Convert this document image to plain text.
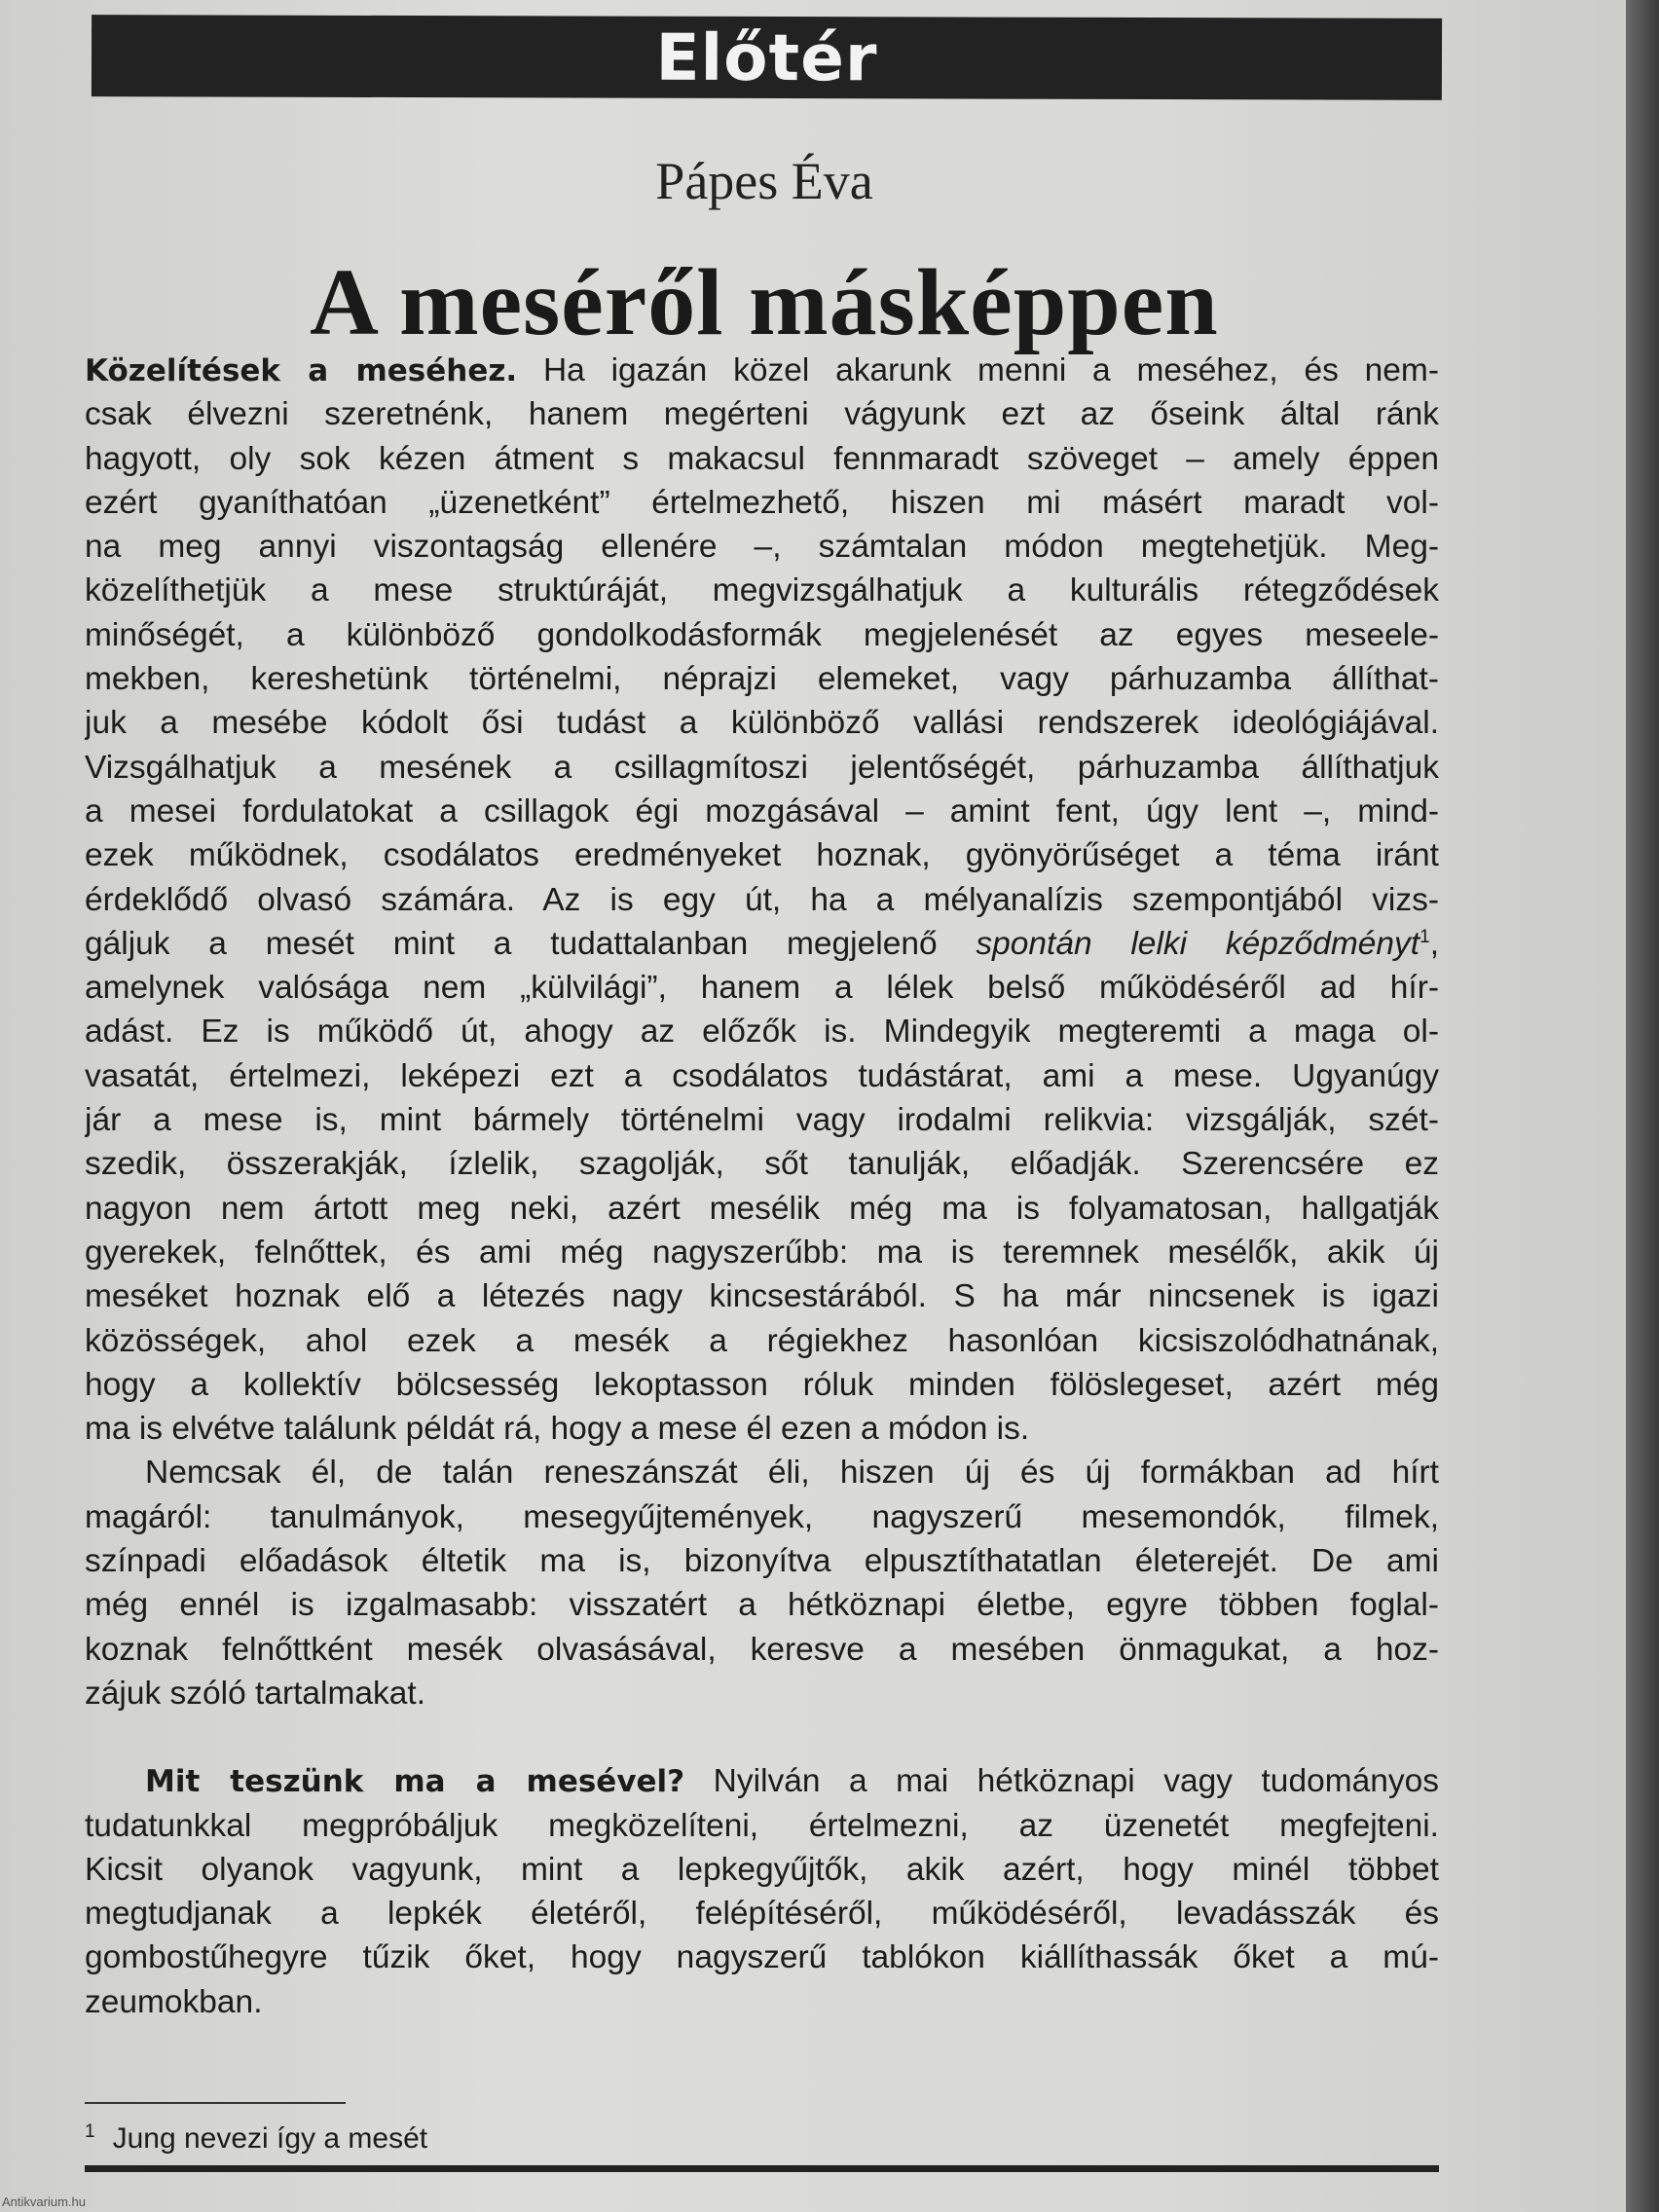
Előtér
Pápes Éva
A meséről másképpen
Közelítések a meséhez. Ha igazán közel akarunk menni a meséhez, és nem-
csak élvezni szeretnénk, hanem megérteni vágyunk ezt az őseink által ránk
hagyott, oly sok kézen átment s makacsul fennmaradt szöveget – amely éppen
ezért gyaníthatóan „üzenetként” értelmezhető, hiszen mi másért maradt vol-
na meg annyi viszontagság ellenére –, számtalan módon megtehetjük. Meg-
közelíthetjük a mese struktúráját, megvizsgálhatjuk a kulturális rétegződések
minőségét, a különböző gondolkodásformák megjelenését az egyes meseele-
mekben, kereshetünk történelmi, néprajzi elemeket, vagy párhuzamba állíthat-
juk a mesébe kódolt ősi tudást a különböző vallási rendszerek ideológiájával.
Vizsgálhatjuk a mesének a csillagmítoszi jelentőségét, párhuzamba állíthatjuk
a mesei fordulatokat a csillagok égi mozgásával – amint fent, úgy lent –, mind-
ezek működnek, csodálatos eredményeket hoznak, gyönyörűséget a téma iránt
érdeklődő olvasó számára. Az is egy út, ha a mélyanalízis szempontjából vizs-
gáljuk a mesét mint a tudattalanban megjelenő spontán lelki képződményt$^1$,
amelynek valósága nem „külvilági”, hanem a lélek belső működéséről ad hír-
adást. Ez is működő út, ahogy az előzők is. Mindegyik megteremti a maga ol-
vasatát, értelmezi, leképezi ezt a csodálatos tudástárat, ami a mese. Ugyanúgy
jár a mese is, mint bármely történelmi vagy irodalmi relikvia: vizsgálják, szét-
szedik, összerakják, ízlelik, szagolják, sőt tanulják, előadják. Szerencsére ez
nagyon nem ártott meg neki, azért mesélik még ma is folyamatosan, hallgatják
gyerekek, felnőttek, és ami még nagyszerűbb: ma is teremnek mesélők, akik új
meséket hoznak elő a létezés nagy kincsestárából. S ha már nincsenek is igazi
közösségek, ahol ezek a mesék a régiekhez hasonlóan kicsiszolódhatnának,
hogy a kollektív bölcsesség lekoptasson róluk minden fölöslegeset, azért még
ma is elvétve találunk példát rá, hogy a mese él ezen a módon is.
Nemcsak él, de talán reneszánszát éli, hiszen új és új formákban ad hírt
magáról: tanulmányok, mesegyűjtemények, nagyszerű mesemondók, filmek,
színpadi előadások éltetik ma is, bizonyítva elpusztíthatatlan életerejét. De ami
még ennél is izgalmasabb: visszatért a hétköznapi életbe, egyre többen foglal-
koznak felnőttként mesék olvasásával, keresve a mesében önmagukat, a hoz-
zájuk szóló tartalmakat.
Mit teszünk ma a mesével? Nyilván a mai hétköznapi vagy tudományos
tudatunkkal megpróbáljuk megközelíteni, értelmezni, az üzenetét megfejteni.
Kicsit olyanok vagyunk, mint a lepkegyűjtők, akik azért, hogy minél többet
megtudjanak a lepkék életéről, felépítéséről, működéséről, levadásszák és
gombostűhegyre tűzik őket, hogy nagyszerű tablókon kiállíthassák őket a mú-
zeumokban.
$^1$ Jung nevezi így a mesét
Antikvarium.hu
